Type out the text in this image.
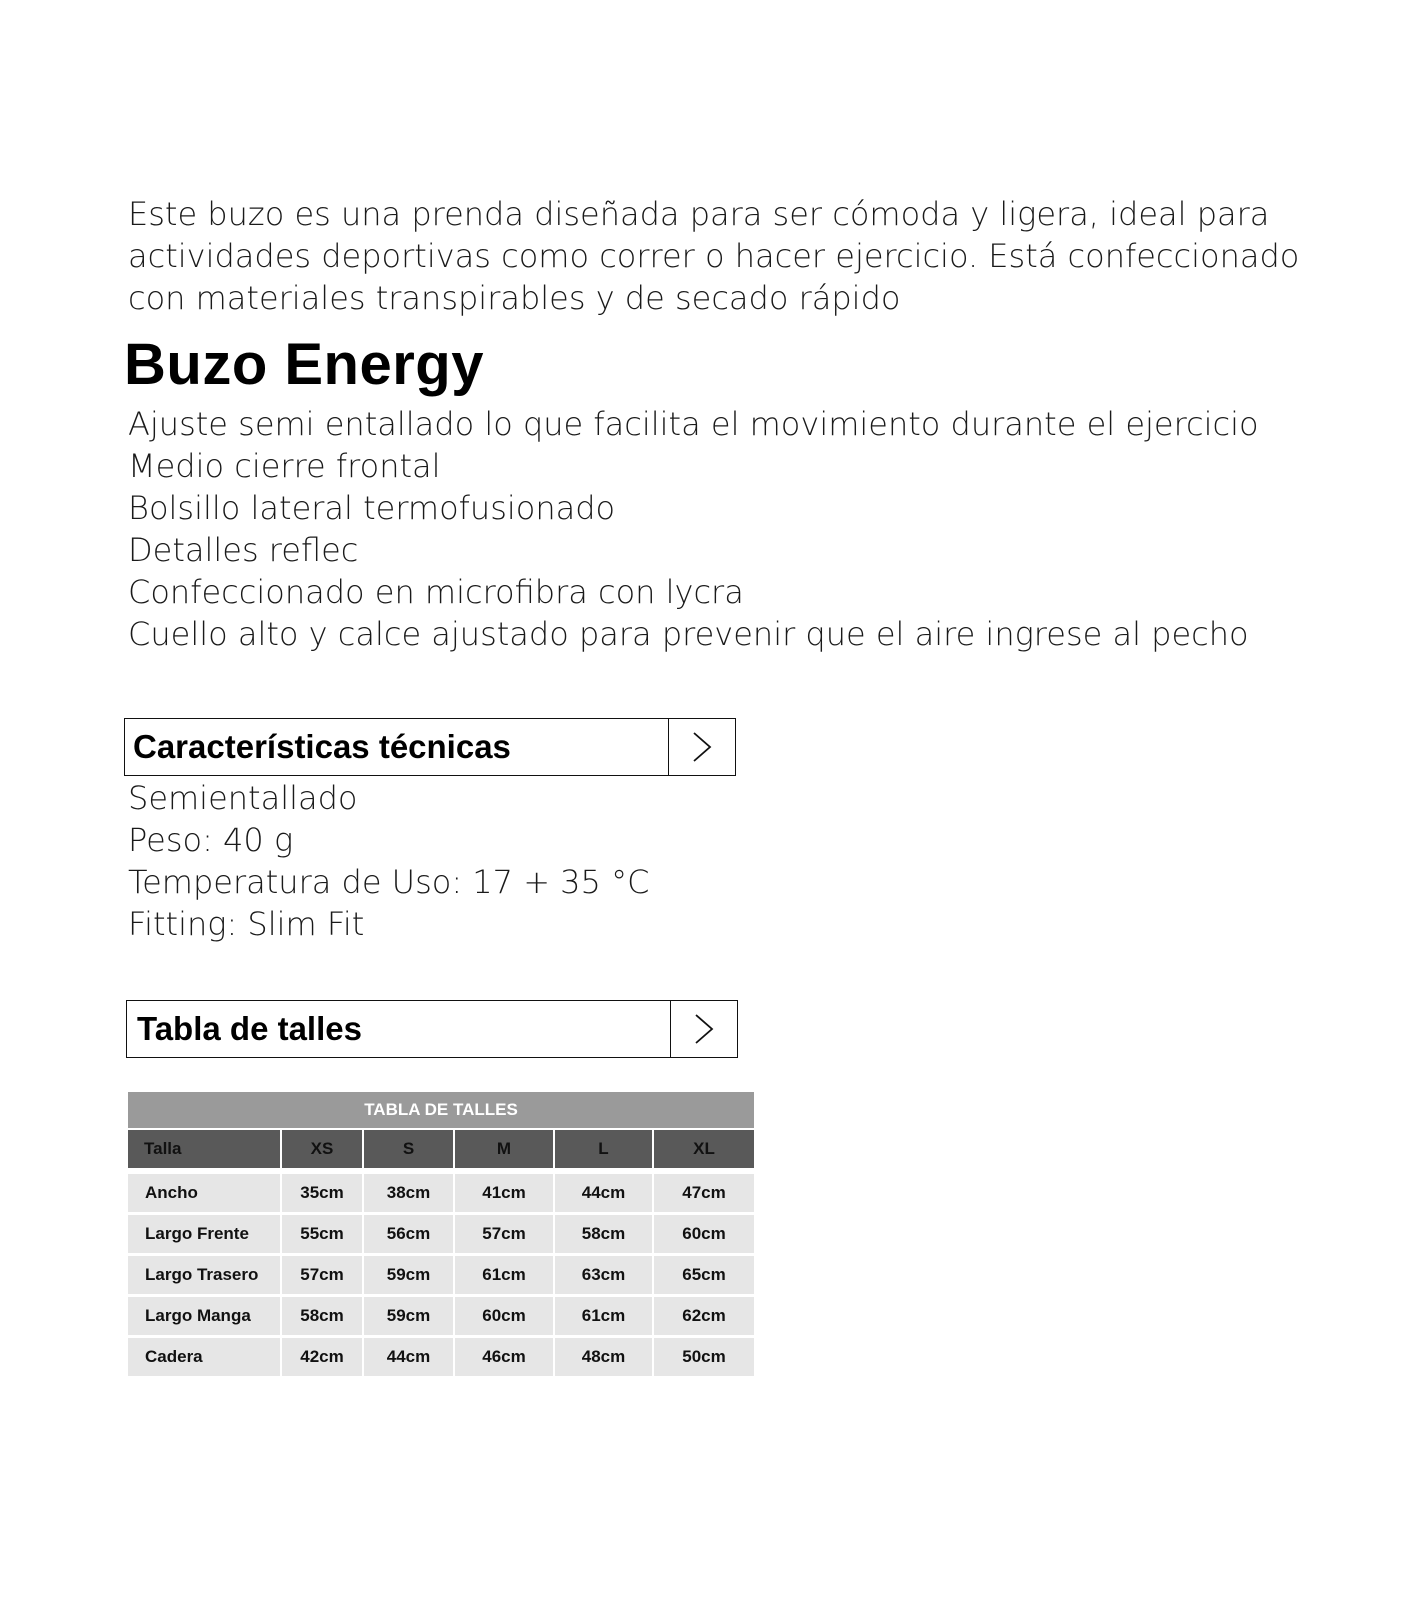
Este buzo es una prenda diseñada para ser cómoda y ligera, ideal para actividades deportivas como correr o hacer ejercicio. Está confeccionado con materiales transpirables y de secado rápido

Buzo Energy
Ajuste semi entallado lo que facilita el movimiento durante el ejercicio
Medio cierre frontal
Bolsillo lateral termofusionado
Detalles reflec
Confeccionado en microfibra con lycra
Cuello alto y calce ajustado para prevenir que el aire ingrese al pecho
Características técnicas
Semientallado
Peso: 40 g
Temperatura de Uso: 17 + 35 °C
Fitting: Slim Fit
Tabla de talles
TABLA DE TALLES					
Talla	XS	S	M	L	XL

Ancho	35cm	38cm	41cm	44cm	47cm
Largo Frente	55cm	56cm	57cm	58cm	60cm
Largo Trasero	57cm	59cm	61cm	63cm	65cm
Largo Manga	58cm	59cm	60cm	61cm	62cm
Cadera	42cm	44cm	46cm	48cm	50cm
